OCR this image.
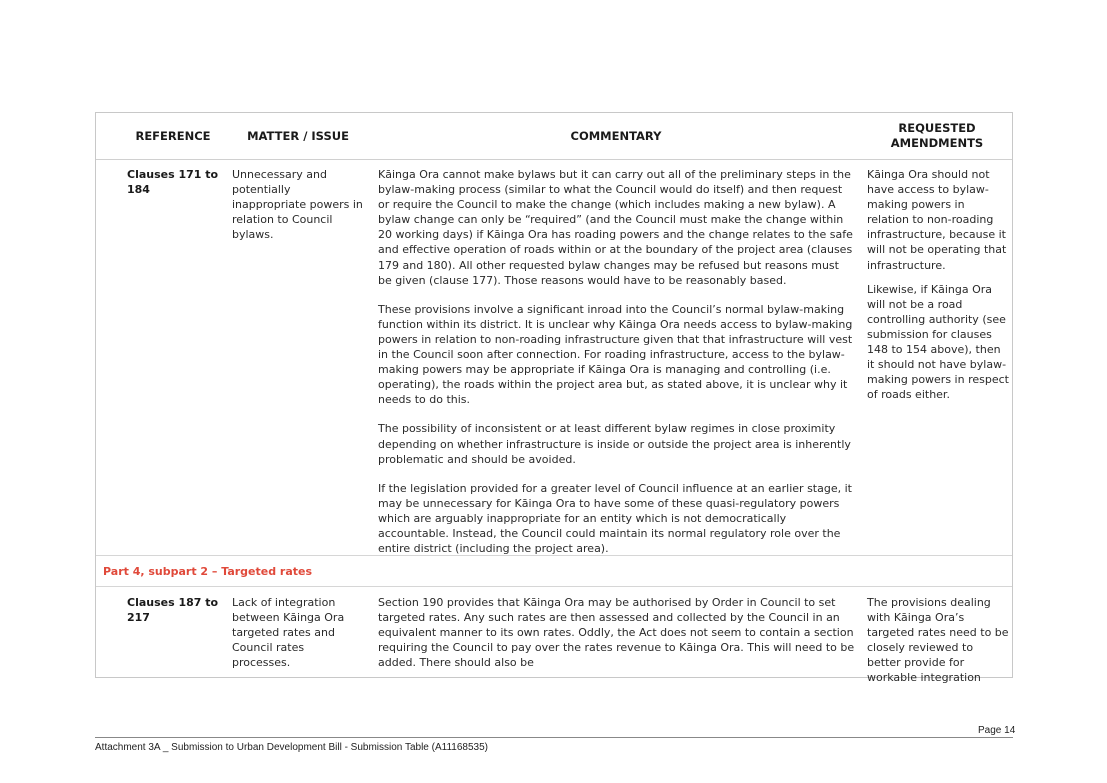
REFERENCE	MATTER / ISSUE	COMMENTARY
REQUESTED
AMENDMENTS
Clauses 171 to
184
Unnecessary and potentially inappropriate powers in relation to Council bylaws.

Kāinga Ora cannot make bylaws but it can carry out all of the preliminary steps in the bylaw-making process (similar to what the Council would do itself) and then request or require the Council to make the change (which includes making a new bylaw). A bylaw change can only be “required” (and the Council must make the change within 20 working days) if Kāinga Ora has roading powers and the change relates to the safe and effective operation of roads within or at the boundary of the project area (clauses 179 and 180). All other requested bylaw changes may be refused but reasons must be given (clause 177). Those reasons would have to be reasonably based.

These provisions involve a significant inroad into the Council’s normal bylaw-making function within its district. It is unclear why Kāinga Ora needs access to bylaw-making powers in relation to non-roading infrastructure given that that infrastructure will vest in the Council soon after connection. For roading infrastructure, access to the bylaw-making powers may be appropriate if Kāinga Ora is managing and controlling (i.e. operating), the roads within the project area but, as stated above, it is unclear why it needs to do this.

The possibility of inconsistent or at least different bylaw regimes in close proximity depending on whether infrastructure is inside or outside the project area is inherently problematic and should be avoided.

If the legislation provided for a greater level of Council influence at an earlier stage, it may be unnecessary for Kāinga Ora to have some of these quasi-regulatory powers which are arguably inappropriate for an entity which is not democratically accountable. Instead, the Council could maintain its normal regulatory role over the entire district (including the project area).

Kāinga Ora should not have access to bylaw-making powers in relation to non-roading infrastructure, because it will not be operating that infrastructure.

Likewise, if Kāinga Ora will not be a road controlling authority (see submission for clauses 148 to 154 above), then it should not have bylaw-making powers in respect of roads either.

Part 4, subpart 2 – Targeted rates
Clauses 187 to
217
Lack of integration between Kāinga Ora targeted rates and Council rates processes.
Section 190 provides that Kāinga Ora may be authorised by Order in Council to set targeted rates. Any such rates are then assessed and collected by the Council in an equivalent manner to its own rates. Oddly, the Act does not seem to contain a section requiring the Council to pay over the rates revenue to Kāinga Ora. This will need to be added. There should also be
The provisions dealing with Kāinga Ora’s targeted rates need to be closely reviewed to better provide for workable integration
Page 14
Attachment 3A _ Submission to Urban Development Bill - Submission Table (A11168535)
